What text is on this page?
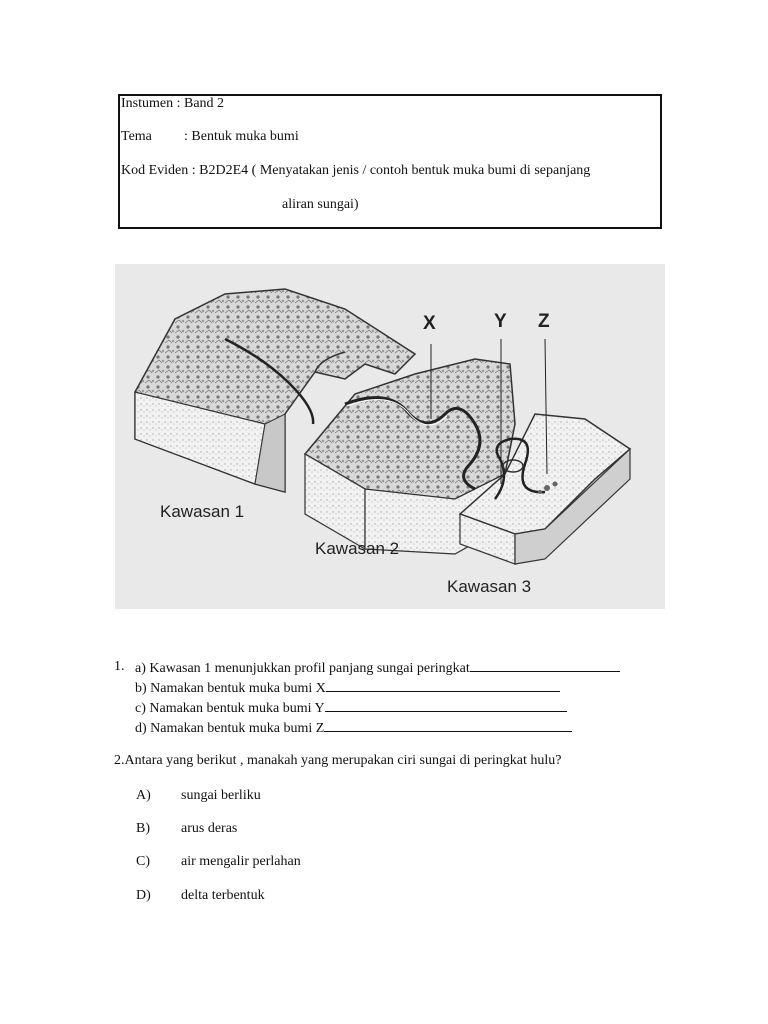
Instumen : Band 2
Tema : Bentuk muka bumi
Kod Eviden : B2D2E4 ( Menyatakan jenis / contoh bentuk muka bumi di sepanjang
aliran sungai)
X	Y Z
Kawasan 1
Kawasan 2
Kawasan 3
1. a) Kawasan 1 menunjukkan profil panjang sungai peringkat
b) Namakan bentuk muka bumi X
c) Namakan bentuk muka bumi Y
d) Namakan bentuk muka bumi Z
2.Antara yang berikut , manakah yang merupakan ciri sungai di peringkat hulu?
A) sungai berliku
B) arus deras
C) air mengalir perlahan
D) delta terbentuk
